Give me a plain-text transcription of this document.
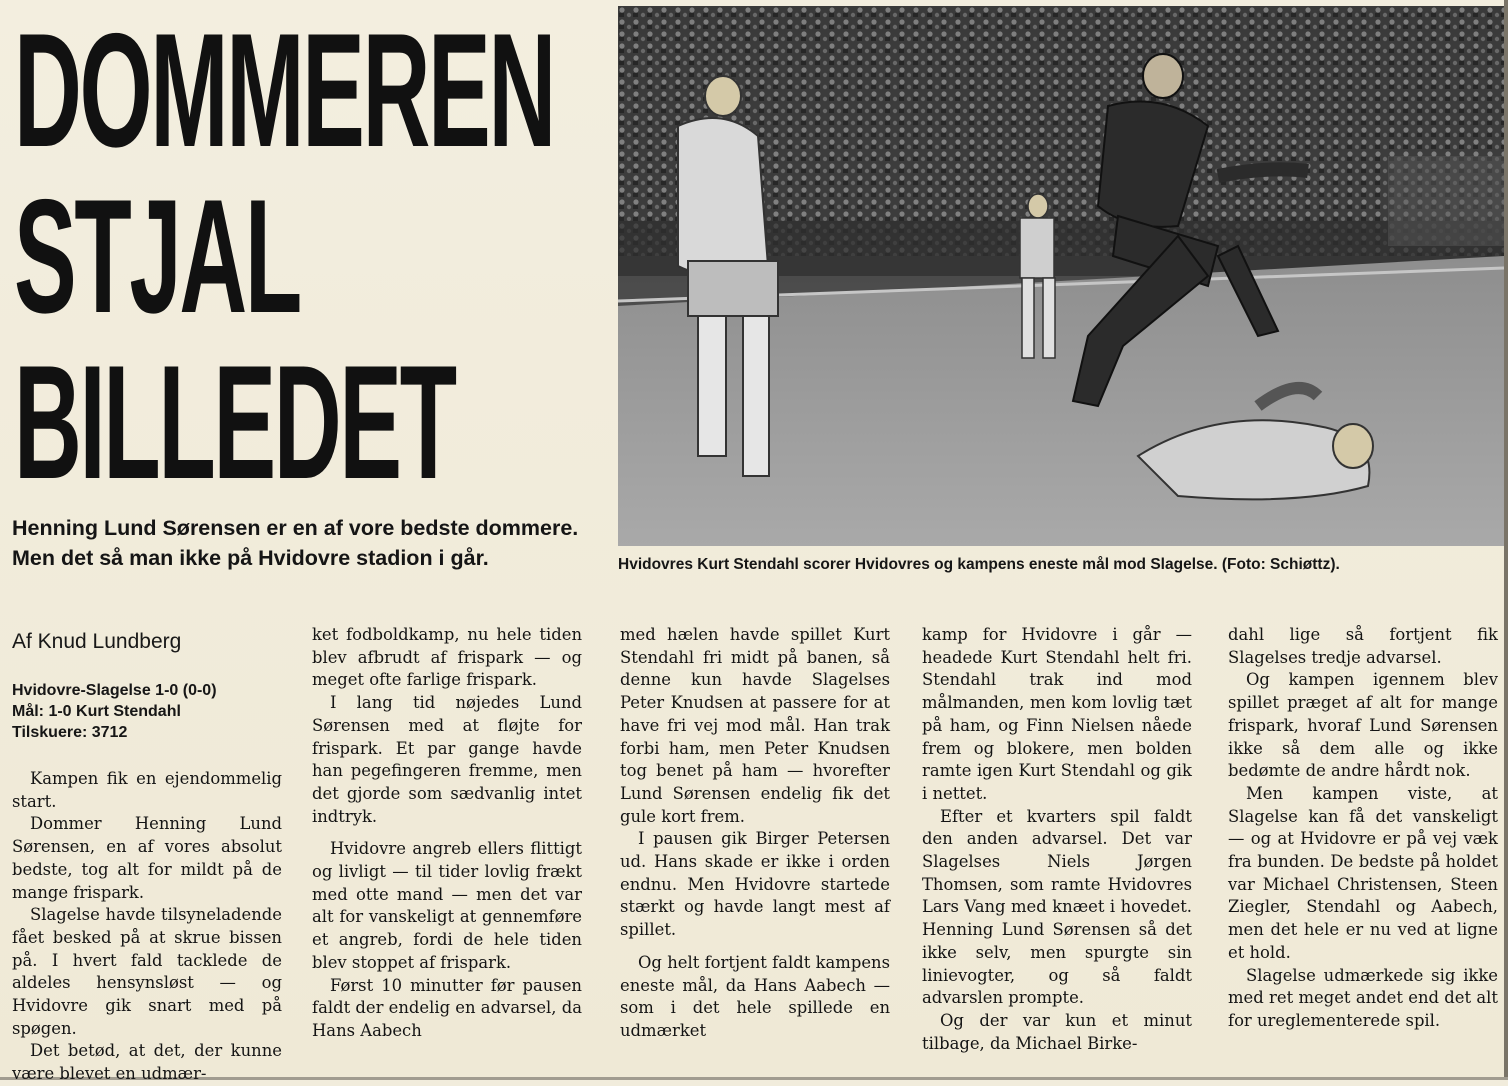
DOMMEREN
STJAL
BILLEDET
Hvidovres Kurt Stendahl scorer Hvidovres og kampens eneste mål mod Slagelse. (Foto: Schiøttz).
Henning Lund Sørensen er en af vore bedste dommere. Men det så man ikke på Hvidovre stadion i går.
Af Knud Lundberg
Hvidovre-Slagelse 1-0 (0-0)
Mål: 1-0 Kurt Stendahl
Tilskuere: 3712

Kampen fik en ejendommelig start.

Dommer Henning Lund Sørensen, en af vores absolut bedste, tog alt for mildt på de mange frispark.

Slagelse havde tilsyneladende fået besked på at skrue bissen på. I hvert fald tacklede de aldeles hensynsløst — og Hvidovre gik snart med på spøgen.

Det betød, at det, der kunne være blevet en udmær-

ket fodboldkamp, nu hele tiden blev afbrudt af frispark — og meget ofte farlige frispark.

I lang tid nøjedes Lund Sørensen med at fløjte for frispark. Et par gange havde han pegefingeren fremme, men det gjorde som sædvanlig intet indtryk.

Hvidovre angreb ellers flittigt og livligt — til tider lovlig frækt med otte mand — men det var alt for vanskeligt at gennemføre et angreb, fordi de hele tiden blev stoppet af frispark.

Først 10 minutter før pausen faldt der endelig en advarsel, da Hans Aabech

med hælen havde spillet Kurt Stendahl fri midt på banen, så denne kun havde Slagelses Peter Knudsen at passere for at have fri vej mod mål. Han trak forbi ham, men Peter Knudsen tog benet på ham — hvorefter Lund Sørensen endelig fik det gule kort frem.

I pausen gik Birger Petersen ud. Hans skade er ikke i orden endnu. Men Hvidovre startede stærkt og havde langt mest af spillet.

Og helt fortjent faldt kampens eneste mål, da Hans Aabech — som i det hele spillede en udmærket

kamp for Hvidovre i går — headede Kurt Stendahl helt fri. Stendahl trak ind mod målmanden, men kom lovlig tæt på ham, og Finn Nielsen nåede frem og blokere, men bolden ramte igen Kurt Stendahl og gik i nettet.

Efter et kvarters spil faldt den anden advarsel. Det var Slagelses Niels Jørgen Thomsen, som ramte Hvidovres Lars Vang med knæet i hovedet. Henning Lund Sørensen så det ikke selv, men spurgte sin linievogter, og så faldt advarslen prompte.

Og der var kun et minut tilbage, da Michael Birke-

dahl lige så fortjent fik Slagelses tredje advarsel.

Og kampen igennem blev spillet præget af alt for mange frispark, hvoraf Lund Sørensen ikke så dem alle og ikke bedømte de andre hårdt nok.

Men kampen viste, at Slagelse kan få det vanskeligt — og at Hvidovre er på vej væk fra bunden. De bedste på holdet var Michael Christensen, Steen Ziegler, Stendahl og Aabech, men det hele er nu ved at ligne et hold.

Slagelse udmærkede sig ikke med ret meget andet end det alt for ureglementerede spil.
